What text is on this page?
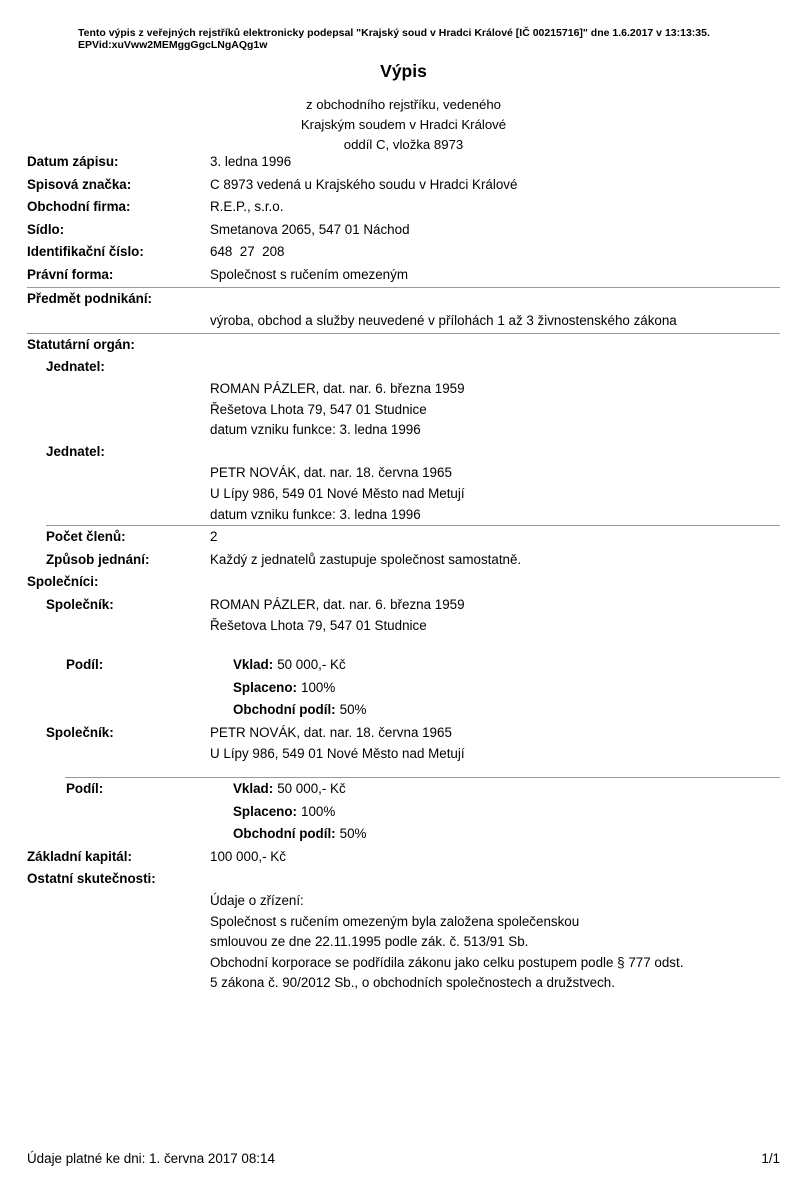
Tento výpis z veřejných rejstříků elektronicky podepsal "Krajský soud v Hradci Králové [IČ 00215716]" dne 1.6.2017 v 13:13:35.
EPVid:xuVww2MEMggGgcLNgAQg1w
Výpis
z obchodního rejstříku, vedeného
Krajským soudem v Hradci Králové
oddíl C, vložka 8973
Datum zápisu:	3. ledna 1996
Spisová značka:	C 8973 vedená u Krajského soudu v Hradci Králové
Obchodní firma:	R.E.P., s.r.o.
Sídlo:	Smetanova 2065, 547 01 Náchod
Identifikační číslo:	648  27  208
Právní forma:	Společnost s ručením omezeným
Předmět podnikání:
výroba, obchod a služby neuvedené v přílohách 1 až 3 živnostenského zákona
Statutární orgán:
Jednatel:
ROMAN PÁZLER, dat. nar. 6. března 1959
Řešetova Lhota 79, 547 01 Studnice
datum vzniku funkce: 3. ledna 1996
Jednatel:
PETR NOVÁK, dat. nar. 18. června 1965
U Lípy 986, 549 01 Nové Město nad Metují
datum vzniku funkce: 3. ledna 1996
Počet členů:	2
Způsob jednání:	Každý z jednatelů zastupuje společnost samostatně.
Společníci:
Společník:	ROMAN PÁZLER, dat. nar. 6. března 1959
Řešetova Lhota 79, 547 01 Studnice
Podíl:	Vklad: 50 000,- Kč
Splaceno: 100%
Obchodní podíl: 50%
Společník:	PETR NOVÁK, dat. nar. 18. června 1965
U Lípy 986, 549 01 Nové Město nad Metují
Podíl:	Vklad: 50 000,- Kč
Splaceno: 100%
Obchodní podíl: 50%
Základní kapitál:	100 000,- Kč
Ostatní skutečnosti:
Údaje o zřízení:
Společnost s ručením omezeným byla založena společenskou
smlouvou ze dne 22.11.1995 podle zák. č. 513/91 Sb.
Obchodní korporace se podřídila zákonu jako celku postupem podle § 777 odst.
5 zákona č. 90/2012 Sb., o obchodních společnostech a družstvech.
Údaje platné ke dni: 1. června 2017 08:14	1/1
